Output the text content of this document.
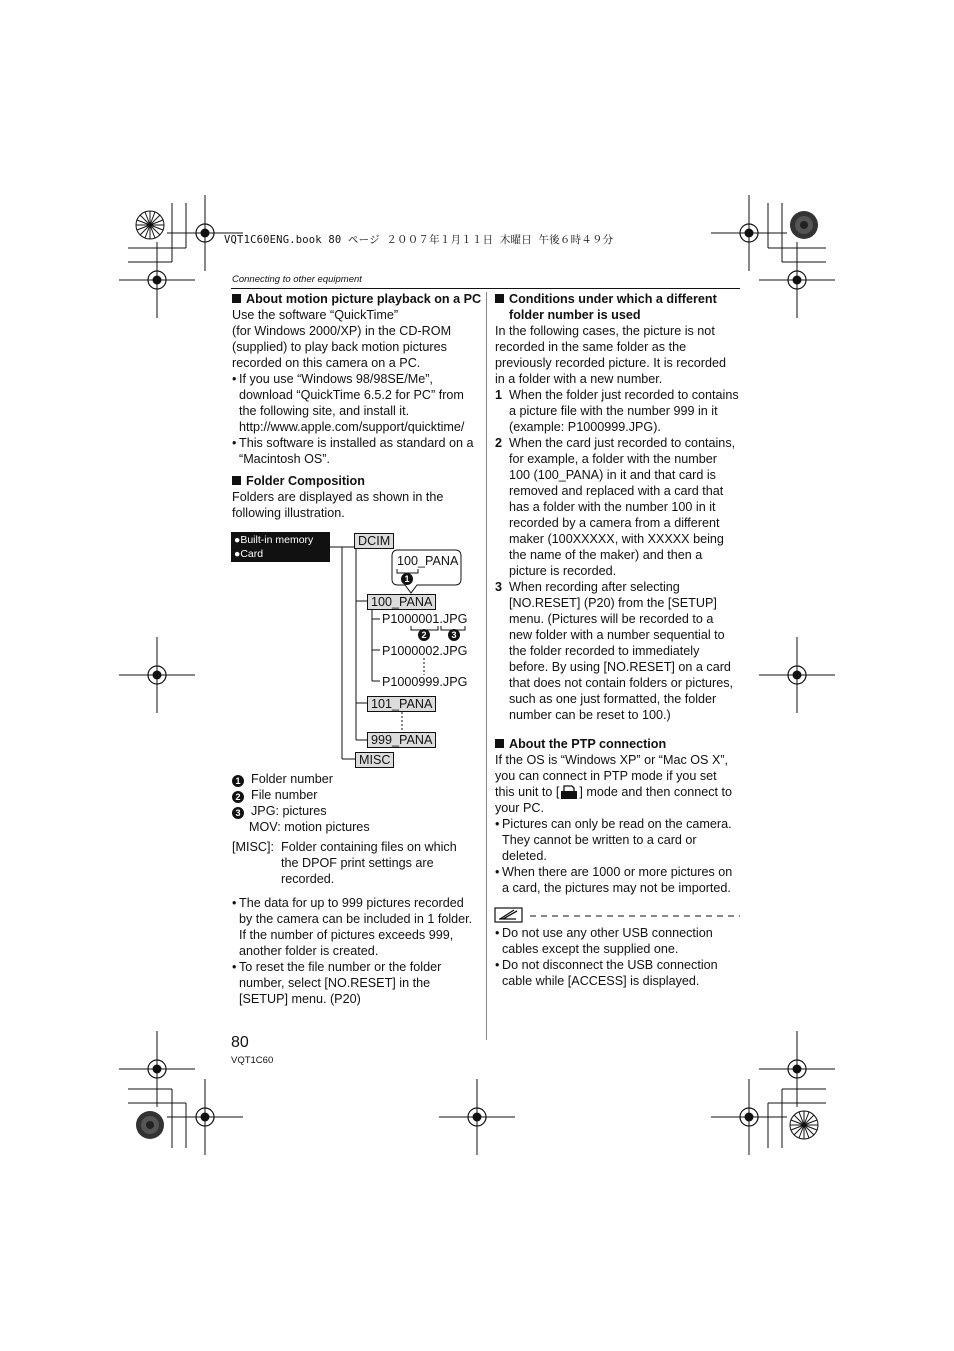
VQT1C60ENG.book 80 ページ ２００７年１月１１日 木曜日 午後６時４９分
Connecting to other equipment
About motion picture playback on a PC
Use the software “QuickTime”
(for Windows 2000/XP) in the CD-ROM
(supplied) to play back motion pictures
recorded on this camera on a PC.
• If you use “Windows 98/98SE/Me”,
download “QuickTime 6.5.2 for PC” from
the following site, and install it.
http://www.apple.com/support/quicktime/
• This software is installed as standard on a
“Macintosh OS”.
Folder Composition
Folders are displayed as shown in the
following illustration.
●Built-in memory
●Card
DCIM
100_PANA
1
100_PANA
P1000001.JPG
2	3
P1000002.JPG
P1000999.JPG
101_PANA
999_PANA
MISC
1 Folder number
2 File number
3 JPG: pictures
MOV: motion pictures
[MISC]: Folder containing files on which
the DPOF print settings are
recorded.
• The data for up to 999 pictures recorded
by the camera can be included in 1 folder.
If the number of pictures exceeds 999,
another folder is created.
• To reset the file number or the folder
number, select [NO.RESET] in the
[SETUP] menu. (P20)
Conditions under which a different
folder number is used
In the following cases, the picture is not
recorded in the same folder as the
previously recorded picture. It is recorded
in a folder with a new number.
1 When the folder just recorded to contains
a picture file with the number 999 in it
(example: P1000999.JPG).
2 When the card just recorded to contains,
for example, a folder with the number
100 (100_PANA) in it and that card is
removed and replaced with a card that
has a folder with the number 100 in it
recorded by a camera from a different
maker (100XXXXX, with XXXXX being
the name of the maker) and then a
picture is recorded.
3 When recording after selecting
[NO.RESET] (P20) from the [SETUP]
menu. (Pictures will be recorded to a
new folder with a number sequential to
the folder recorded to immediately
before. By using [NO.RESET] on a card
that does not contain folders or pictures,
such as one just formatted, the folder
number can be reset to 100.)
About the PTP connection
If the OS is “Windows XP” or “Mac OS X”,
you can connect in PTP mode if you set
this unit to [ ] mode and then connect to
your PC.
• Pictures can only be read on the camera.
They cannot be written to a card or
deleted.
• When there are 1000 or more pictures on
a card, the pictures may not be imported.
• Do not use any other USB connection
cables except the supplied one.
• Do not disconnect the USB connection
cable while [ACCESS] is displayed.
80
VQT1C60
